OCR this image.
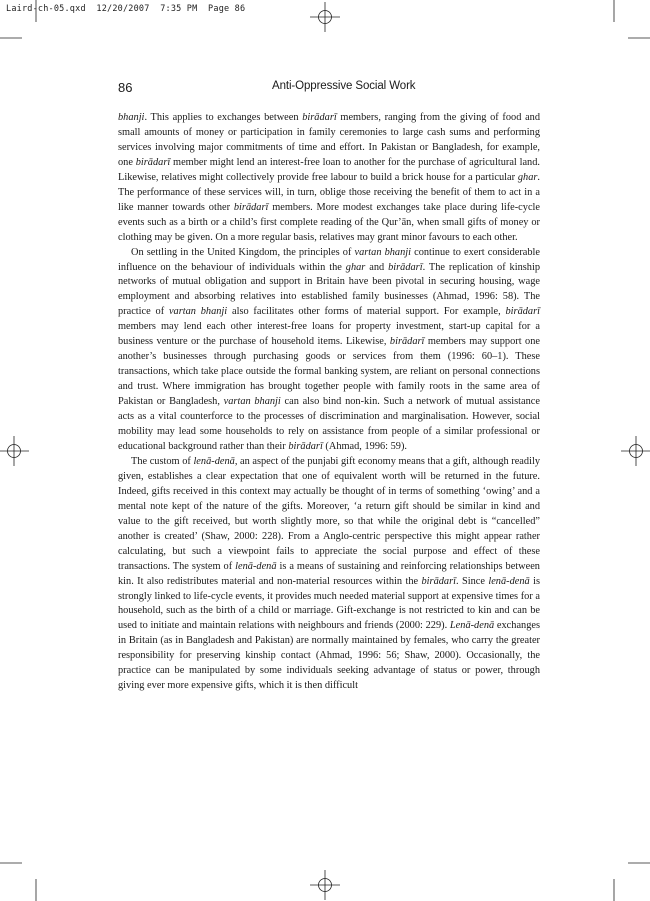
Laird-ch-05.qxd  12/20/2007  7:35 PM  Page 86
86	Anti-Oppressive Social Work

bhanji. This applies to exchanges between birādarī members, ranging from the giving of food and small amounts of money or participation in family ceremonies to large cash sums and performing services involving major commitments of time and effort. In Pakistan or Bangladesh, for example, one birādarī member might lend an interest-free loan to another for the purchase of agricultural land. Likewise, relatives might collectively provide free labour to build a brick house for a particular ghar. The performance of these services will, in turn, oblige those receiving the benefit of them to act in a like manner towards other birādarī members. More modest exchanges take place during life-cycle events such as a birth or a child’s first complete reading of the Qur’ān, when small gifts of money or clothing may be given. On a more regular basis, relatives may grant minor favours to each other.

On settling in the United Kingdom, the principles of vartan bhanji continue to exert considerable influence on the behaviour of individuals within the ghar and birādarī. The replication of kinship networks of mutual obligation and support in Britain have been pivotal in securing housing, wage employment and absorbing relatives into established family businesses (Ahmad, 1996: 58). The practice of vartan bhanji also facilitates other forms of material support. For example, birādarī members may lend each other interest-free loans for property investment, start-up capital for a business venture or the purchase of household items. Likewise, birādarī members may support one another’s businesses through purchasing goods or services from them (1996: 60–1). These transactions, which take place outside the formal banking system, are reliant on personal connections and trust. Where immigration has brought together people with family roots in the same area of Pakistan or Bangladesh, vartan bhanji can also bind non-kin. Such a network of mutual assistance acts as a vital counterforce to the processes of discrimination and marginalisation. However, social mobility may lead some households to rely on assistance from people of a similar professional or educational background rather than their birādarī (Ahmad, 1996: 59).

The custom of lenā-denā, an aspect of the punjabi gift economy means that a gift, although readily given, establishes a clear expectation that one of equivalent worth will be returned in the future. Indeed, gifts received in this context may actually be thought of in terms of something ‘owing’ and a mental note kept of the nature of the gifts. Moreover, ‘a return gift should be similar in kind and value to the gift received, but worth slightly more, so that while the original debt is “cancelled” another is created’ (Shaw, 2000: 228). From a Anglo-centric perspective this might appear rather calculating, but such a viewpoint fails to appreciate the social purpose and effect of these transactions. The system of lenā-denā is a means of sustaining and reinforcing relationships between kin. It also redistributes material and non-material resources within the birādarī. Since lenā-denā is strongly linked to life-cycle events, it provides much needed material support at expensive times for a household, such as the birth of a child or marriage. Gift-exchange is not restricted to kin and can be used to initiate and maintain relations with neighbours and friends (2000: 229). Lenā-denā exchanges in Britain (as in Bangladesh and Pakistan) are normally maintained by females, who carry the greater responsibility for preserving kinship contact (Ahmad, 1996: 56; Shaw, 2000). Occasionally, the practice can be manipulated by some individuals seeking advantage of status or power, through giving ever more expensive gifts, which it is then difficult
